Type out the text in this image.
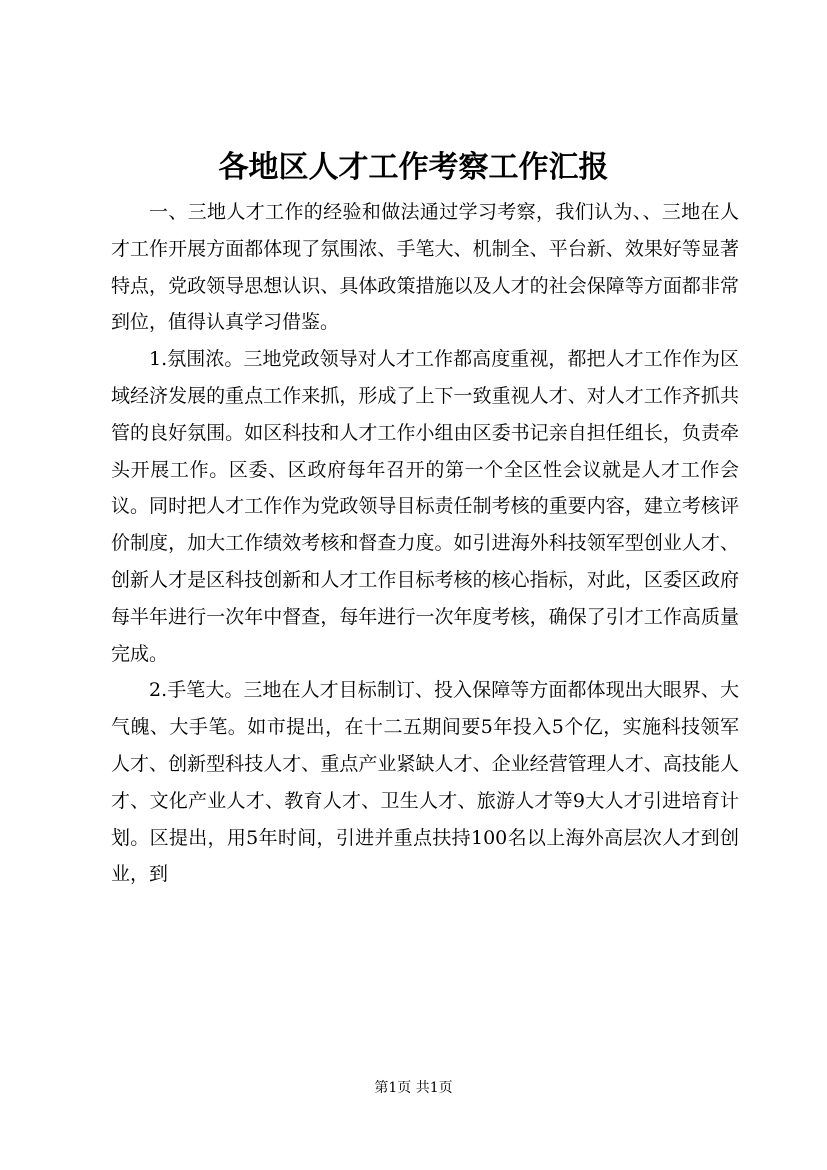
各地区人才工作考察工作汇报

一、三地人才工作的经验和做法通过学习考察，我们认为、、三地在人才工作开展方面都体现了氛围浓、手笔大、机制全、平台新、效果好等显著特点，党政领导思想认识、具体政策措施以及人才的社会保障等方面都非常到位，值得认真学习借鉴。

1.氛围浓。三地党政领导对人才工作都高度重视，都把人才工作作为区域经济发展的重点工作来抓，形成了上下一致重视人才、对人才工作齐抓共管的良好氛围。如区科技和人才工作小组由区委书记亲自担任组长，负责牵头开展工作。区委、区政府每年召开的第一个全区性会议就是人才工作会议。同时把人才工作作为党政领导目标责任制考核的重要内容，建立考核评价制度，加大工作绩效考核和督查力度。如引进海外科技领军型创业人才、创新人才是区科技创新和人才工作目标考核的核心指标，对此，区委区政府每半年进行一次年中督查，每年进行一次年度考核，确保了引才工作高质量完成。

2.手笔大。三地在人才目标制订、投入保障等方面都体现出大眼界、大气魄、大手笔。如市提出，在十二五期间要5年投入5个亿，实施科技领军人才、创新型科技人才、重点产业紧缺人才、企业经营管理人才、高技能人才、文化产业人才、教育人才、卫生人才、旅游人才等9大人才引进培育计划。区提出，用5年时间，引进并重点扶持100名以上海外高层次人才到创业，到

第1页 共1页
